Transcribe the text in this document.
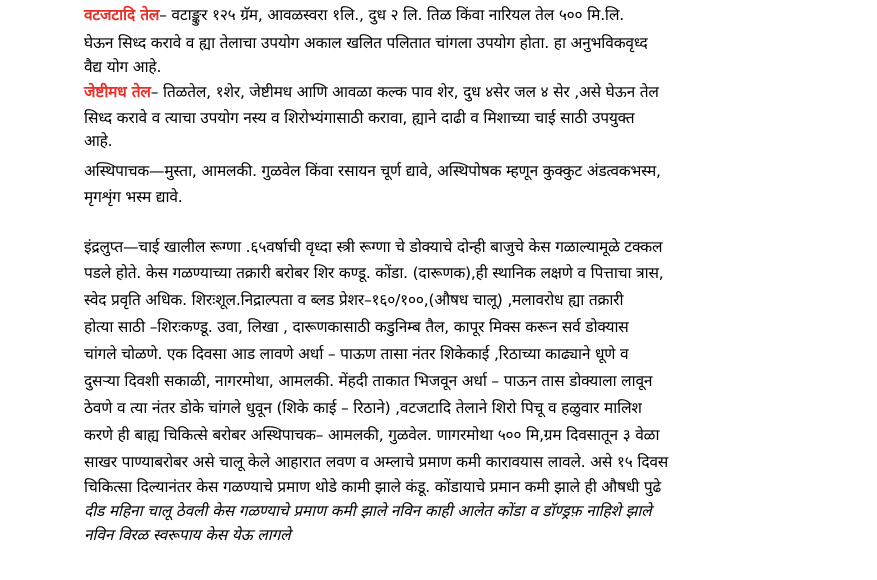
वटजटादि तेल– वटाङ्कुर १२५ ग्रॅम, आवळस्वरा १लि., दुध २ लि. तिळ किंवा नारियल तेल ५०० मि.लि.

घेऊन सिध्द करावे व ह्या तेलाचा उपयोग अकाल खलित पलितात चांगला उपयोग होता. हा अनुभविकवृध्द

वैद्य योग आहे.

जेष्टीमध तेल– तिळतेल, १शेर, जेष्टीमध आणि आवळा कल्क पाव शेर, दुध ४सेर जल ४ सेर ,असे घेऊन तेल

सिध्द करावे व त्याचा उपयोग नस्य व शिरोभ्यंगासाठी करावा, ह्याने दाढी व मिशाच्या चाई साठी उपयुक्त

आहे.

अस्थिपाचक—मुस्ता, आमलकी. गुळवेल किंवा रसायन चूर्ण द्यावे, अस्थिपोषक म्हणून कुक्कुट अंडत्वकभस्म,

मृगशृंग भस्म द्यावे.

इंद्रलुप्त—चाई खालील रूग्णा .६५वर्षाची वृध्दा स्त्री रूग्णा चे डोक्याचे दोन्ही बाजुचे केस गळाल्यामूळे टक्कल

पडले होते. केस गळण्याच्या तक्रारी बरोबर शिर कण्डू. कोंडा. (दारूणक),ही स्थानिक लक्षणे व पित्ताचा त्रास,

स्वेद प्रवृति अधिक. शिरःशूल.निद्राल्पता व ब्लड प्रेशर–१६०/१००,(औषध चालू) ,मलावरोध ह्या तक्रारी

होत्या साठी –शिरःकण्डू. उवा, लिखा , दारूणकासाठी कडुनिम्ब तैल, कापूर मिक्स करून सर्व डोक्यास

चांगले चोळणे. एक दिवसा आड लावणे अर्धा – पाऊण तासा नंतर शिकेकाई ,रिठाच्या काढ्याने धूणे व

दुसऱ्या दिवशी सकाळी, नागरमोथा, आमलकी. मेंहदी ताकात भिजवून अर्धा – पाऊन तास डोक्याला लावून

ठेवणे व त्या नंतर डोके चांगले धुवून (शिके काई – रिठाने) ,वटजटादि तेलाने शिरो पिचू व हळुवार मालिश

करणे ही बाह्य चिकित्से बरोबर अस्थिपाचक– आमलकी, गुळवेल. णागरमोथा ५०० मि,ग्रम दिवसातून ३ वेळा

साखर पाण्याबरोबर असे चालू केले आहारात लवण व अम्लाचे प्रमाण कमी कारावयास लावले. असे १५ दिवस

चिकित्सा दिल्यानंतर केस गळण्याचे प्रमाण थोडे कामी झाले कंडू. कोंडायाचे प्रमान कमी झाले ही औषधी पुढे

दीड महिना चालू ठेवली केस गळण्याचे प्रमाण कमी झाले नविन काही आलेत कोंडा व डॉण्ड्रफ़ नाहिशे झाले

नविन विरळ स्वरूपाय केस येऊ लागले
